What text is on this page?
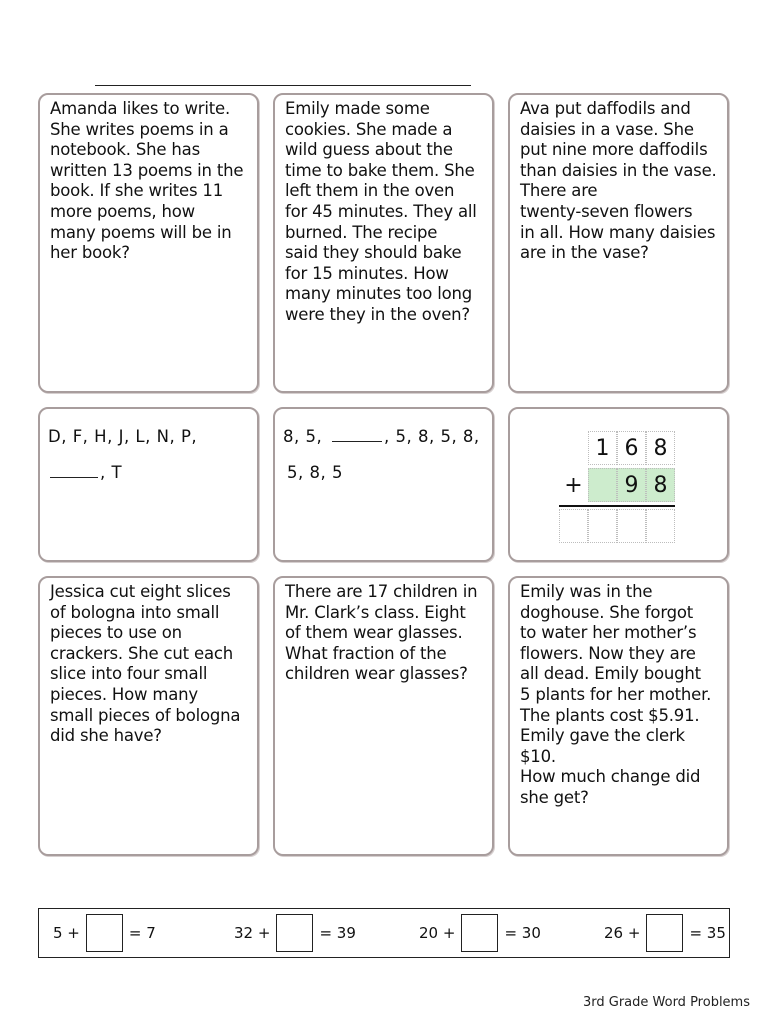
Amanda likes to write.
She writes poems in a
notebook. She has
written 13 poems in the
book. If she writes 11
more poems, how
many poems will be in
her book?
Emily made some
cookies. She made a
wild guess about the
time to bake them. She
left them in the oven
for 45 minutes. They all
burned. The recipe
said they should bake
for 15 minutes. How
many minutes too long
were they in the oven?
Ava put daffodils and
daisies in a vase. She
put nine more daffodils
than daisies in the vase.
There are
twenty-seven flowers
in all. How many daisies
are in the vase?
D, F, H, J, L, N, P,
, T
8, 5,	, 5, 8, 5, 8,
5, 8, 5
1 6 8
+	9 8
Jessica cut eight slices
of bologna into small
pieces to use on
crackers. She cut each
slice into four small
pieces. How many
small pieces of bologna
did she have?
There are 17 children in
Mr. Clark’s class. Eight
of them wear glasses.
What fraction of the
children wear glasses?
Emily was in the
doghouse. She forgot
to water her mother’s
flowers. Now they are
all dead. Emily bought
5 plants for her mother.
The plants cost $5.91.
Emily gave the clerk $10.
How much change did
she get?
5 +	= 7	32 +	= 39	20 +	= 30	26 +	= 35
3rd Grade Word Problems
